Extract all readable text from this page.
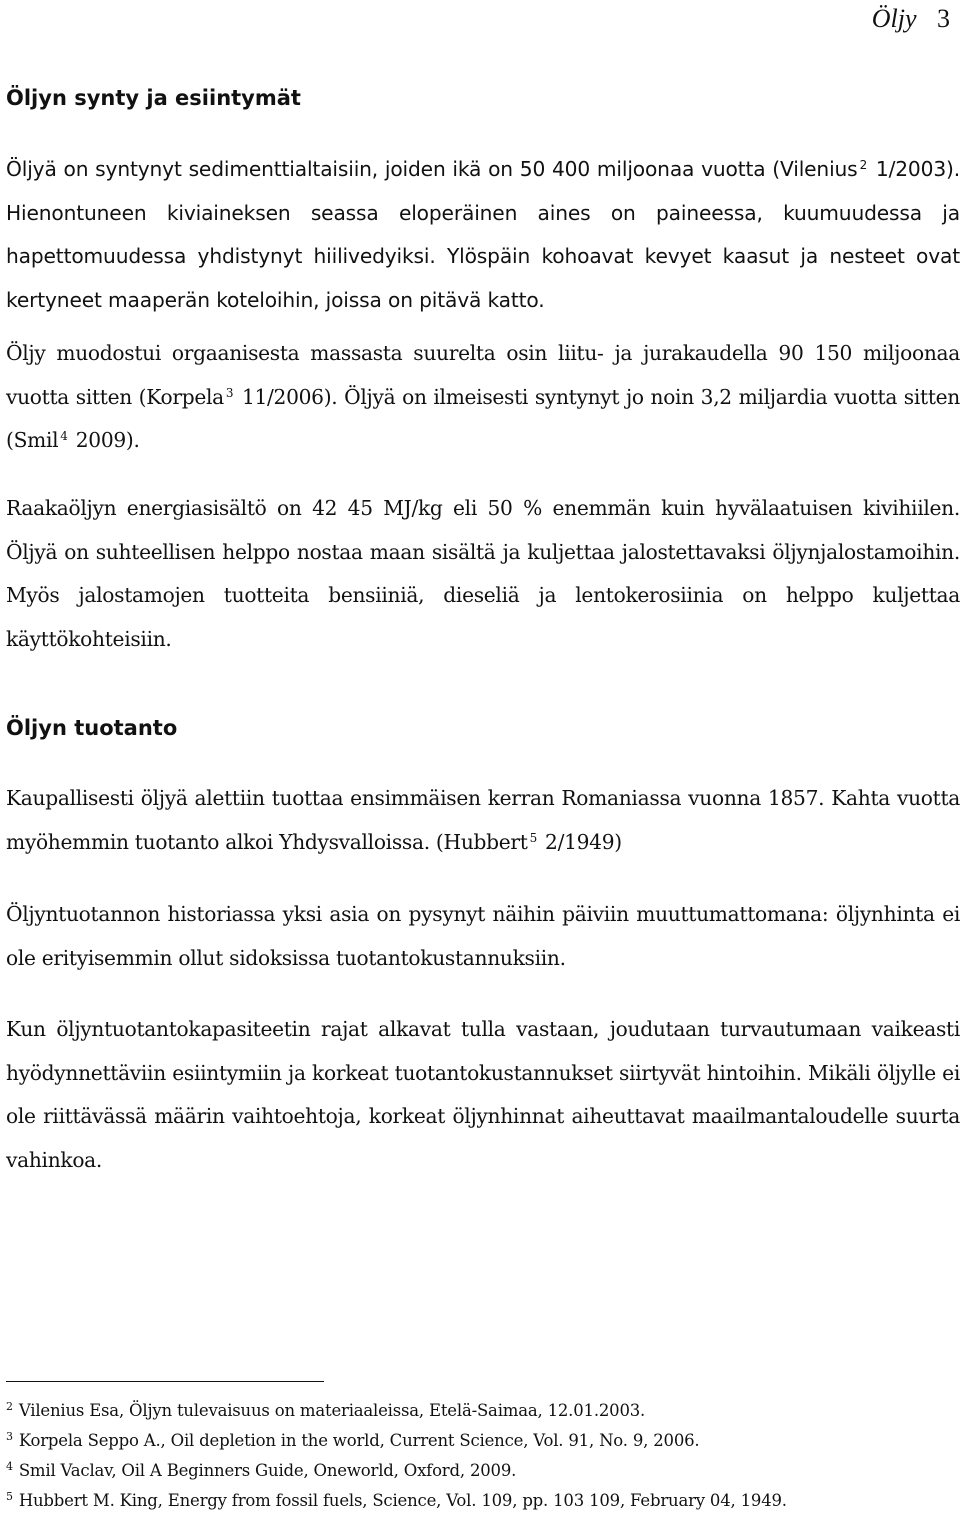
Öljy 3
Öljyn synty ja esiintymät

Öljyä on syntynyt sedimenttialtaisiin, joiden ikä on 50 400 miljoonaa vuotta (Vilenius $^2$ 1/2003). Hienontuneen kiviaineksen seassa eloperäinen aines on paineessa, kuumuudessa ja hapettomuudessa yhdistynyt hiilivedyiksi. Ylöspäin kohoavat kevyet kaasut ja nesteet ovat kertyneet maaperän koteloihin, joissa on pitävä katto.

Öljy muodostui orgaanisesta massasta suurelta osin liitu- ja jurakaudella 90 150 miljoonaa vuotta sitten (Korpela $^3$ 11/2006). Öljyä on ilmeisesti syntynyt jo noin 3,2 miljardia vuotta sitten (Smil $^4$ 2009).

Raakaöljyn energiasisältö on 42 45 MJ/kg eli 50 % enemmän kuin hyvälaatuisen kivihiilen. Öljyä on suhteellisen helppo nostaa maan sisältä ja kuljettaa jalostettavaksi öljynjalostamoihin. Myös jalostamojen tuotteita bensiiniä, dieseliä ja lentokerosiinia on helppo kuljettaa käyttökohteisiin.

Öljyn tuotanto

Kaupallisesti öljyä alettiin tuottaa ensimmäisen kerran Romaniassa vuonna 1857. Kahta vuotta myöhemmin tuotanto alkoi Yhdysvalloissa. (Hubbert $^5$ 2/1949)

Öljyntuotannon historiassa yksi asia on pysynyt näihin päiviin muuttumattomana: öljynhinta ei ole erityisemmin ollut sidoksissa tuotantokustannuksiin.

Kun öljyntuotantokapasiteetin rajat alkavat tulla vastaan, joudutaan turvautumaan vaikeasti hyödynnettäviin esiintymiin ja korkeat tuotantokustannukset siirtyvät hintoihin. Mikäli öljylle ei ole riittävässä määrin vaihtoehtoja, korkeat öljynhinnat aiheuttavat maailmantaloudelle suurta vahinkoa.

$^2$ Vilenius Esa, Öljyn tulevaisuus on materiaaleissa, Etelä-Saimaa, 12.01.2003.
$^3$ Korpela Seppo A., Oil depletion in the world, Current Science, Vol. 91, No. 9, 2006.
$^4$ Smil Vaclav, Oil A Beginners Guide, Oneworld, Oxford, 2009.
$^5$ Hubbert M. King, Energy from fossil fuels, Science, Vol. 109, pp. 103 109, February 04, 1949.
